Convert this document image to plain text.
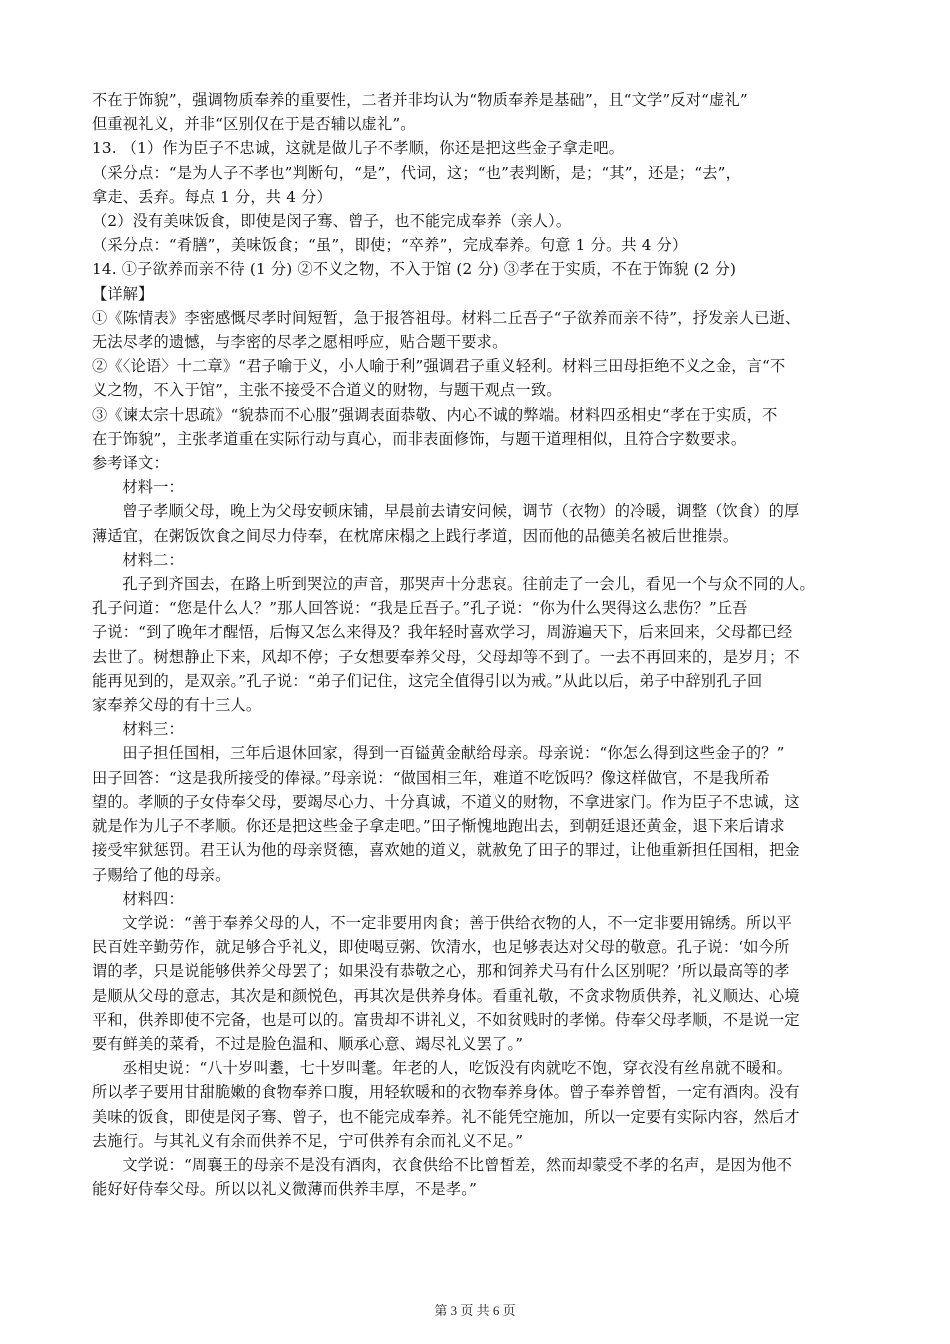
不在于饰貌”，强调物质奉养的重要性，二者并非均认为“物质奉养是基础”，且“文学”反对“虚礼”

但重视礼义，并非“区别仅在于是否辅以虚礼”。

13. （1）作为臣子不忠诚，这就是做儿子不孝顺，你还是把这些金子拿走吧。

（采分点：“是为人子不孝也”判断句，“是”，代词，这；“也”表判断，是；“其”，还是；“去”，

拿走、丢弃。每点 1 分，共 4 分）

（2）没有美味饭食，即使是闵子骞、曾子，也不能完成奉养（亲人）。

（采分点：“肴膳”，美味饭食；“虽”，即使；“卒养”，完成奉养。句意 1 分。共 4 分）

14. ①子欲养而亲不待 (1 分) ②不义之物，不入于馆 (2 分) ③孝在于实质，不在于饰貌 (2 分)

【详解】

①《陈情表》李密感慨尽孝时间短暂，急于报答祖母。材料二丘吾子“子欲养而亲不待”，抒发亲人已逝、

无法尽孝的遗憾，与李密的尽孝之愿相呼应，贴合题干要求。

②《〈论语〉十二章》“君子喻于义，小人喻于利”强调君子重义轻利。材料三田母拒绝不义之金，言“不

义之物，不入于馆”，主张不接受不合道义的财物，与题干观点一致。

③《谏太宗十思疏》“貌恭而不心服”强调表面恭敬、内心不诚的弊端。材料四丞相史“孝在于实质，不

在于饰貌”，主张孝道重在实际行动与真心，而非表面修饰，与题干道理相似，且符合字数要求。

参考译文：

材料一：

曾子孝顺父母，晚上为父母安顿床铺，早晨前去请安问候，调节（衣物）的冷暖，调整（饮食）的厚

薄适宜，在粥饭饮食之间尽力侍奉，在枕席床榻之上践行孝道，因而他的品德美名被后世推崇。

材料二：

孔子到齐国去，在路上听到哭泣的声音，那哭声十分悲哀。往前走了一会儿，看见一个与众不同的人。

孔子问道：“您是什么人？”那人回答说：“我是丘吾子。”孔子说：“你为什么哭得这么悲伤？”丘吾

子说：“到了晚年才醒悟，后悔又怎么来得及？我年轻时喜欢学习，周游遍天下，后来回来，父母都已经

去世了。树想静止下来，风却不停；子女想要奉养父母，父母却等不到了。一去不再回来的，是岁月；不

能再见到的，是双亲。”孔子说：“弟子们记住，这完全值得引以为戒。”从此以后，弟子中辞别孔子回

家奉养父母的有十三人。

材料三：

田子担任国相，三年后退休回家，得到一百镒黄金献给母亲。母亲说：“你怎么得到这些金子的？”

田子回答：“这是我所接受的俸禄。”母亲说：“做国相三年，难道不吃饭吗？像这样做官，不是我所希

望的。孝顺的子女侍奉父母，要竭尽心力、十分真诚，不道义的财物，不拿进家门。作为臣子不忠诚，这

就是作为儿子不孝顺。你还是把这些金子拿走吧。”田子惭愧地跑出去，到朝廷退还黄金，退下来后请求

接受牢狱惩罚。君王认为他的母亲贤德，喜欢她的道义，就赦免了田子的罪过，让他重新担任国相，把金

子赐给了他的母亲。

材料四：

文学说：“善于奉养父母的人，不一定非要用肉食；善于供给衣物的人，不一定非要用锦绣。所以平

民百姓辛勤劳作，就足够合乎礼义，即使喝豆粥、饮清水，也足够表达对父母的敬意。孔子说：‘如今所

谓的孝，只是说能够供养父母罢了；如果没有恭敬之心，那和饲养犬马有什么区别呢？’所以最高等的孝

是顺从父母的意志，其次是和颜悦色，再其次是供养身体。看重礼敬，不贪求物质供养，礼义顺达、心境

平和，供养即使不完备，也是可以的。富贵却不讲礼义，不如贫贱时的孝悌。侍奉父母孝顺，不是说一定

要有鲜美的菜肴，不过是脸色温和、顺承心意、竭尽礼义罢了。”

丞相史说：“八十岁叫耋，七十岁叫耄。年老的人，吃饭没有肉就吃不饱，穿衣没有丝帛就不暖和。

所以孝子要用甘甜脆嫩的食物奉养口腹，用轻软暖和的衣物奉养身体。曾子奉养曾皙，一定有酒肉。没有

美味的饭食，即使是闵子骞、曾子，也不能完成奉养。礼不能凭空施加，所以一定要有实际内容，然后才

去施行。与其礼义有余而供养不足，宁可供养有余而礼义不足。”

文学说：“周襄王的母亲不是没有酒肉，衣食供给不比曾皙差，然而却蒙受不孝的名声，是因为他不

能好好侍奉父母。所以以礼义微薄而供养丰厚，不是孝。”

第 3 页 共 6 页
